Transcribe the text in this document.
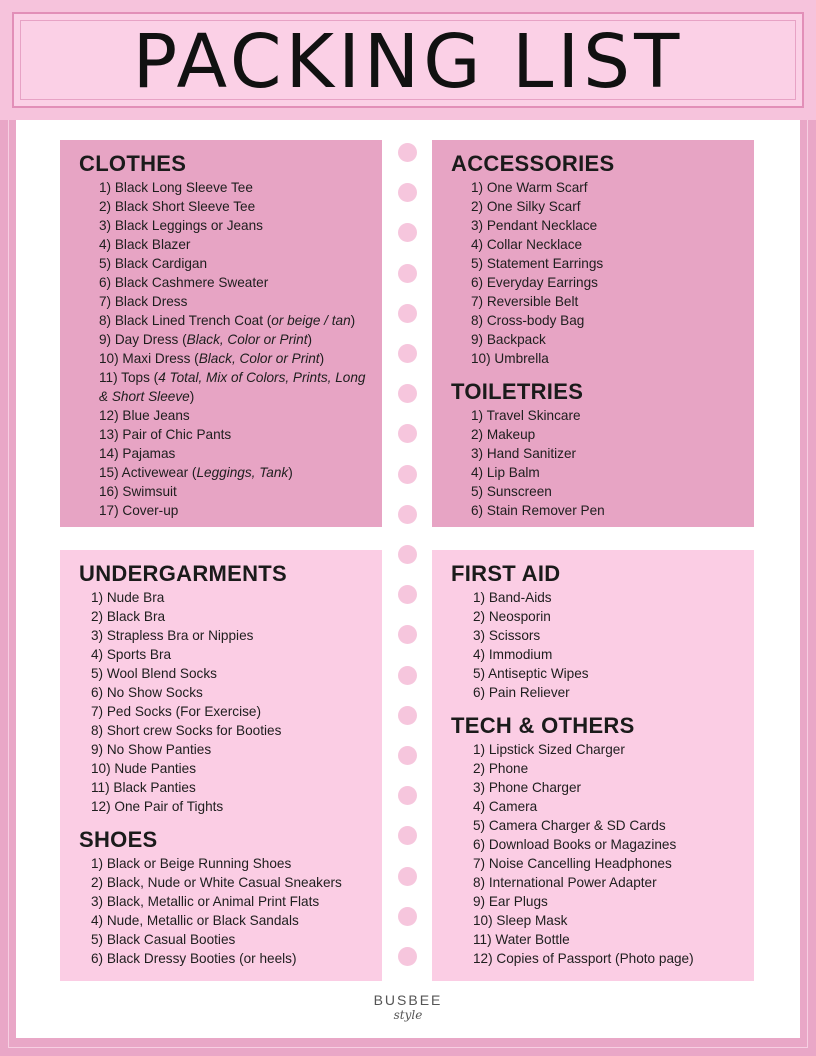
PACKING LIST
CLOTHES
1) Black Long Sleeve Tee
2) Black Short Sleeve Tee
3) Black Leggings or Jeans
4) Black Blazer
5) Black Cardigan
6) Black Cashmere Sweater
7) Black Dress
8) Black Lined Trench Coat (or beige / tan)
9) Day Dress (Black, Color or Print)
10) Maxi Dress (Black, Color or Print)
11) Tops (4 Total, Mix of Colors, Prints, Long & Short Sleeve)
12) Blue Jeans
13) Pair of Chic Pants
14) Pajamas
15) Activewear (Leggings, Tank)
16) Swimsuit
17) Cover-up
ACCESSORIES
1) One Warm Scarf
2) One Silky Scarf
3) Pendant Necklace
4) Collar Necklace
5) Statement Earrings
6) Everyday Earrings
7) Reversible Belt
8) Cross-body Bag
9) Backpack
10) Umbrella
TOILETRIES
1) Travel Skincare
2) Makeup
3) Hand Sanitizer
4) Lip Balm
5) Sunscreen
6) Stain Remover Pen
UNDERGARMENTS
1) Nude Bra
2) Black Bra
3) Strapless Bra or Nippies
4) Sports Bra
5) Wool Blend Socks
6) No Show Socks
7) Ped Socks (For Exercise)
8) Short crew Socks for Booties
9) No Show Panties
10) Nude Panties
11) Black Panties
12) One Pair of Tights
SHOES
1) Black or Beige Running Shoes
2) Black, Nude or White Casual Sneakers
3) Black, Metallic or Animal Print Flats
4) Nude, Metallic or Black Sandals
5) Black Casual Booties
6) Black Dressy Booties (or heels)
FIRST AID
1) Band-Aids
2) Neosporin
3) Scissors
4) Immodium
5) Antiseptic Wipes
6) Pain Reliever
TECH & OTHERS
1) Lipstick Sized Charger
2) Phone
3) Phone Charger
4) Camera
5) Camera Charger & SD Cards
6) Download Books or Magazines
7) Noise Cancelling Headphones
8) International Power Adapter
9) Ear Plugs
10) Sleep Mask
11) Water Bottle
12) Copies of Passport (Photo page)
BUSBEE
style
